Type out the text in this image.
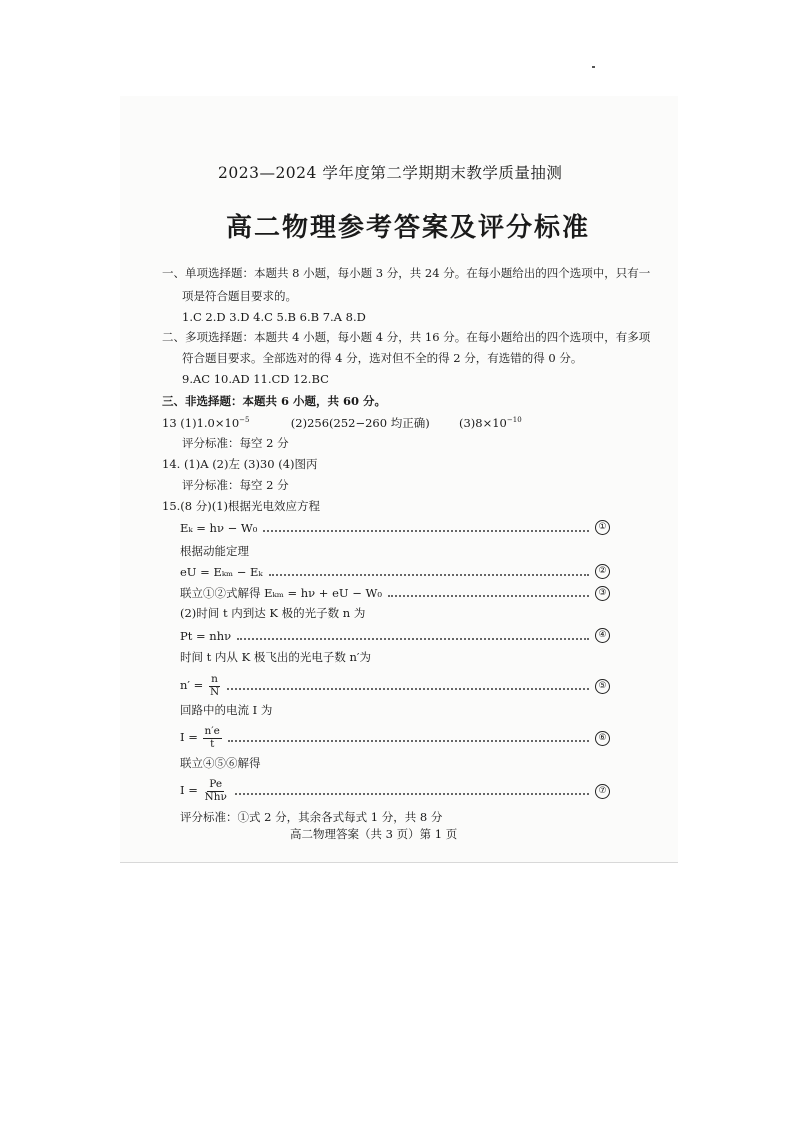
2023—2024 学年度第二学期期末教学质量抽测
高二物理参考答案及评分标准
一、单项选择题：本题共 8 小题，每小题 3 分，共 24 分。在每小题给出的四个选项中，只有一
项是符合题目要求的。
1.C 2.D 3.D 4.C 5.B 6.B 7.A 8.D
二、多项选择题：本题共 4 小题，每小题 4 分，共 16 分。在每小题给出的四个选项中，有多项
符合题目要求。全部选对的得 4 分，选对但不全的得 2 分，有选错的得 0 分。
9.AC 10.AD 11.CD 12.BC
三、非选择题：本题共 6 小题，共 60 分。
13 $(1)1.0\times 10^{-5}$	(2)256(252−260 均正确)	$(3)8\times 10^{-10}$
评分标准：每空 2 分
14. (1)A (2)左 (3)30 (4)图丙
评分标准：每空 2 分
15.(8 分)(1)根据光电效应方程
Eₖ = hν − W₀	①
根据动能定理
eU = Eₖₘ − Eₖ	②
联立①②式解得 Eₖₘ = hν + eU − W₀	③
(2)时间 t 内到达 K 极的光子数 n 为
Pt = nhν	④
时间 t 内从 K 极飞出的光电子数 n′为
$n' = \frac{n}{N}$	⑤
回路中的电流 I 为
$I = \frac{n'e}{t}$	⑥
联立④⑤⑥解得
$I = \frac{Pe}{\text{Nhν}}$	⑦
评分标准：①式 2 分，其余各式每式 1 分，共 8 分
高二物理答案（共 3 页）第 1 页
